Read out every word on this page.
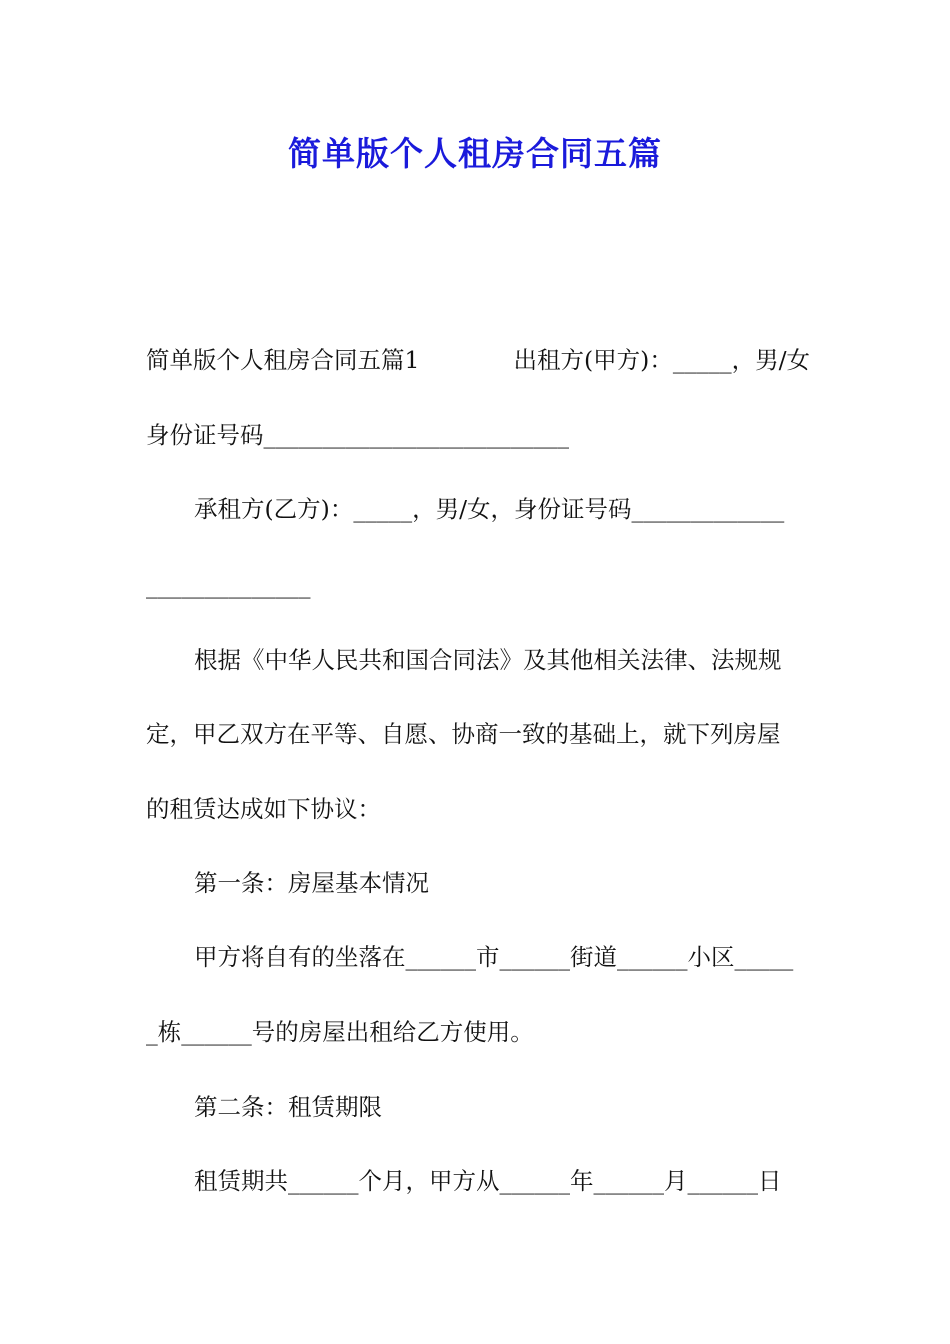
简单版个人租房合同五篇
简单版个人租房合同五篇1	出租方(甲方)：_____，男/女
身份证号码__________________________
承租方(乙方)：_____，男/女，身份证号码_____________
______________
根据《中华人民共和国合同法》及其他相关法律、法规规
定，甲乙双方在平等、自愿、协商一致的基础上，就下列房屋
的租赁达成如下协议：
第一条：房屋基本情况
甲方将自有的坐落在______市______街道______小区_____
_栋______号的房屋出租给乙方使用。
第二条：租赁期限
租赁期共______个月，甲方从______年______月______日
